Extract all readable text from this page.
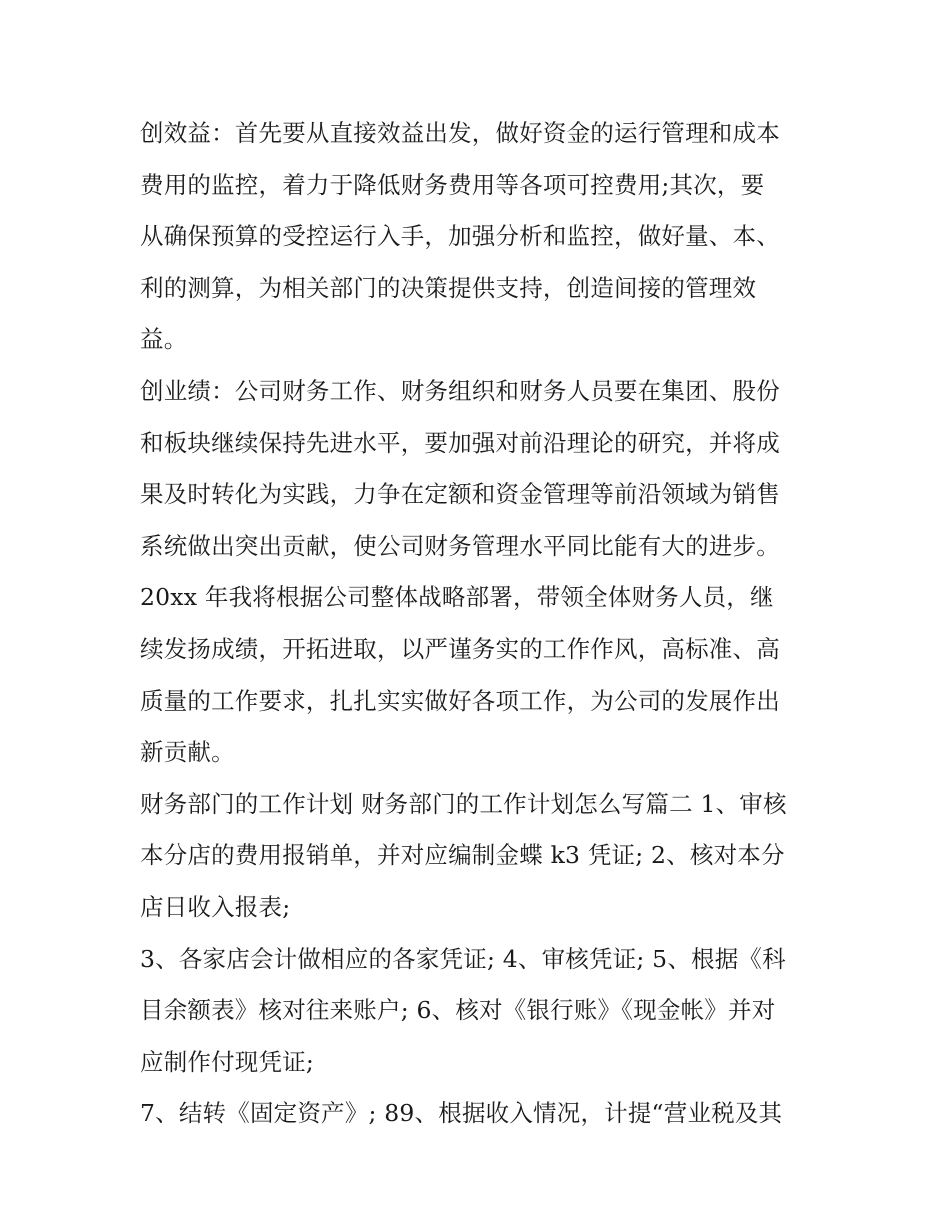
创效益：首先要从直接效益出发，做好资金的运行管理和成本
费用的监控，着力于降低财务费用等各项可控费用;其次，要
从确保预算的受控运行入手，加强分析和监控，做好量、本、
利的测算，为相关部门的决策提供支持，创造间接的管理效
益。
创业绩：公司财务工作、财务组织和财务人员要在集团、股份
和板块继续保持先进水平，要加强对前沿理论的研究，并将成
果及时转化为实践，力争在定额和资金管理等前沿领域为销售
系统做出突出贡献，使公司财务管理水平同比能有大的进步。
20xx 年我将根据公司整体战略部署，带领全体财务人员，继
续发扬成绩，开拓进取，以严谨务实的工作作风，高标准、高
质量的工作要求，扎扎实实做好各项工作，为公司的发展作出
新贡献。
财务部门的工作计划 财务部门的工作计划怎么写篇二 1、审核
本分店的费用报销单，并对应编制金蝶 k3 凭证; 2、核对本分
店日收入报表;
3、各家店会计做相应的各家凭证; 4、审核凭证; 5、根据《科
目余额表》核对往来账户; 6、核对《银行账》《现金帐》并对
应制作付现凭证;
7、结转《固定资产》; 89、根据收入情况，计提“营业税及其
